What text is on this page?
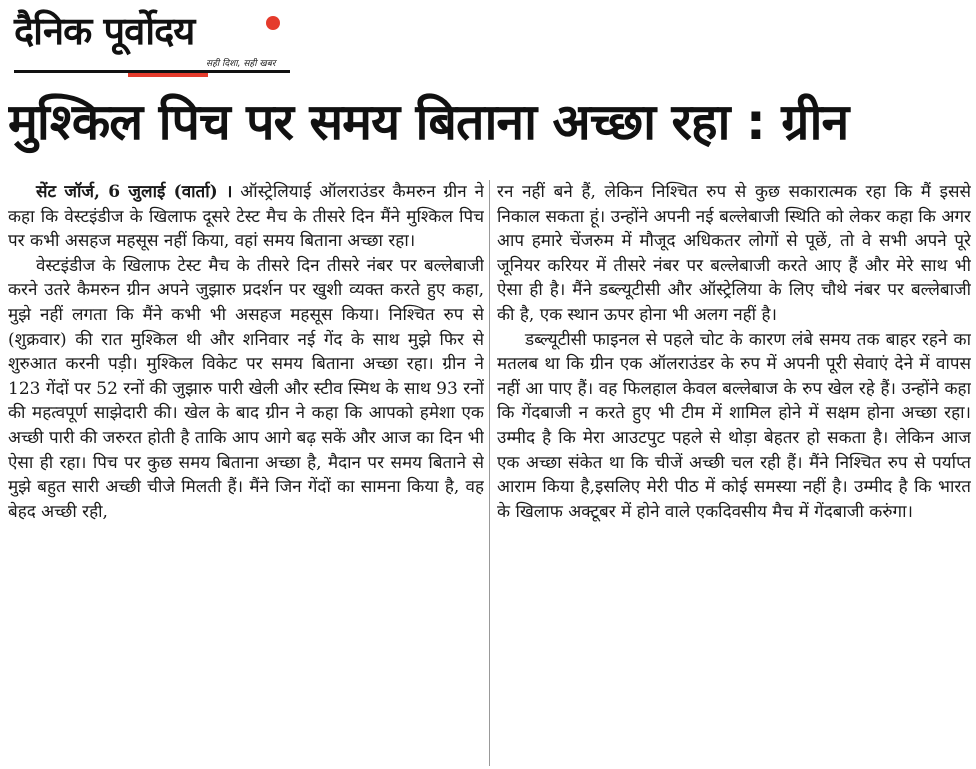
दैनिक पूर्वोदय
सही दिशा, सही खबर
मुश्किल पिच पर समय बिताना अच्छा रहा : ग्रीन

सेंट जॉर्ज, 6 जुलाई (वार्ता) । ऑस्ट्रेलियाई ऑलराउंडर कैमरुन ग्रीन ने कहा कि वेस्टइंडीज के खिलाफ दूसरे टेस्ट मैच के तीसरे दिन मैंने मुश्किल पिच पर कभी असहज महसूस नहीं किया, वहां समय बिताना अच्छा रहा।

वेस्टइंडीज के खिलाफ टेस्ट मैच के तीसरे दिन तीसरे नंबर पर बल्लेबाजी करने उतरे कैमरुन ग्रीन अपने जुझारु प्रदर्शन पर खुशी व्यक्त करते हुए कहा, मुझे नहीं लगता कि मैंने कभी भी असहज महसूस किया। निश्चित रुप से (शुक्रवार) की रात मुश्किल थी और शनिवार नई गेंद के साथ मुझे फिर से शुरुआत करनी पड़ी। मुश्किल विकेट पर समय बिताना अच्छा रहा। ग्रीन ने 123 गेंदों पर 52 रनों की जुझारु पारी खेली और स्टीव स्मिथ के साथ 93 रनों की महत्वपूर्ण साझेदारी की। खेल के बाद ग्रीन ने कहा कि आपको हमेशा एक अच्छी पारी की जरुरत होती है ताकि आप आगे बढ़ सकें और आज का दिन भी ऐसा ही रहा। पिच पर कुछ समय बिताना अच्छा है, मैदान पर समय बिताने से मुझे बहुत सारी अच्छी चीजे मिलती हैं। मैंने जिन गेंदों का सामना किया है, वह बेहद अच्छी रही,

रन नहीं बने हैं, लेकिन निश्चित रुप से कुछ सकारात्मक रहा कि मैं इससे निकाल सकता हूं। उन्होंने अपनी नई बल्लेबाजी स्थिति को लेकर कहा कि अगर आप हमारे चेंजरुम में मौजूद अधिकतर लोगों से पूछें, तो वे सभी अपने पूरे जूनियर करियर में तीसरे नंबर पर बल्लेबाजी करते आए हैं और मेरे साथ भी ऐसा ही है। मैंने डब्ल्यूटीसी और ऑस्ट्रेलिया के लिए चौथे नंबर पर बल्लेबाजी की है, एक स्थान ऊपर होना भी अलग नहीं है।

डब्ल्यूटीसी फाइनल से पहले चोट के कारण लंबे समय तक बाहर रहने का मतलब था कि ग्रीन एक ऑलराउंडर के रुप में अपनी पूरी सेवाएं देने में वापस नहीं आ पाए हैं। वह फिलहाल केवल बल्लेबाज के रुप खेल रहे हैं। उन्होंने कहा कि गेंदबाजी न करते हुए भी टीम में शामिल होने में सक्षम होना अच्छा रहा। उम्मीद है कि मेरा आउटपुट पहले से थोड़ा बेहतर हो सकता है। लेकिन आज एक अच्छा संकेत था कि चीजें अच्छी चल रही हैं। मैंने निश्चित रुप से पर्याप्त आराम किया है,इसलिए मेरी पीठ में कोई समस्या नहीं है। उम्मीद है कि भारत के खिलाफ अक्टूबर में होने वाले एकदिवसीय मैच में गेंदबाजी करुंगा।
